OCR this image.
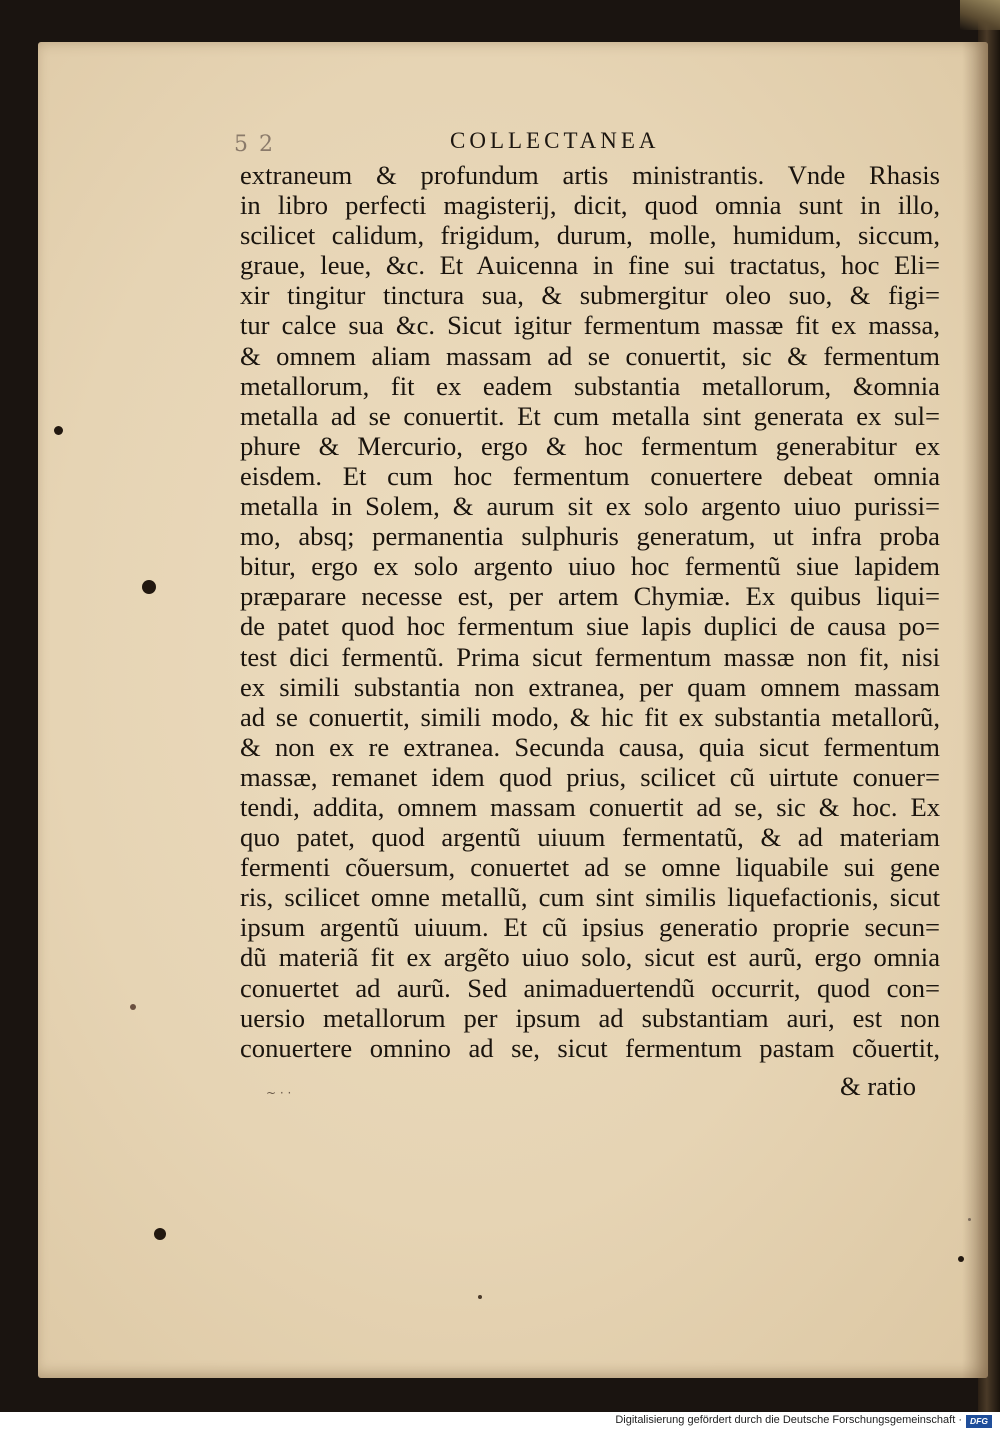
5 2	COLLECTANEA
extraneum & profundum artis ministrantis. Vnde Rhasis
in libro perfecti magisterij, dicit, quod omnia sunt in illo,
scilicet calidum, frigidum, durum, molle, humidum, siccum,
graue, leue, &c. Et Auicenna in fine sui tractatus, hoc Eli=
xir tingitur tinctura sua, & submergitur oleo suo, & figi=
tur calce sua &c. Sicut igitur fermentum massæ fit ex massa,
& omnem aliam massam ad se conuertit, sic & fermentum
metallorum, fit ex eadem substantia metallorum, &omnia
metalla ad se conuertit. Et cum metalla sint generata ex sul=
phure & Mercurio, ergo & hoc fermentum generabitur ex
eisdem. Et cum hoc fermentum conuertere debeat omnia
metalla in Solem, & aurum sit ex solo argento uiuo purissi=
mo, absq; permanentia sulphuris generatum, ut infra proba
bitur, ergo ex solo argento uiuo hoc fermentũ siue lapidem
præparare necesse est, per artem Chymiæ. Ex quibus liqui=
de patet quod hoc fermentum siue lapis duplici de causa po=
test dici fermentũ. Prima sicut fermentum massæ non fit, nisi
ex simili substantia non extranea, per quam omnem massam
ad se conuertit, simili modo, & hic fit ex substantia metallorũ,
& non ex re extranea. Secunda causa, quia sicut fermentum
massæ, remanet idem quod prius, scilicet cũ uirtute conuer=
tendi, addita, omnem massam conuertit ad se, sic & hoc. Ex
quo patet, quod argentũ uiuum fermentatũ, & ad materiam
fermenti cõuersum, conuertet ad se omne liquabile sui gene
ris, scilicet omne metallũ, cum sint similis liquefactionis, sicut
ipsum argentũ uiuum. Et cũ ipsius generatio proprie secun=
dũ materiã fit ex argẽto uiuo solo, sicut est aurũ, ergo omnia
conuertet ad aurũ. Sed animaduertendũ occurrit, quod con=
uersio metallorum per ipsum ad substantiam auri, est non
conuertere omnino ad se, sicut fermentum pastam cõuertit,
& ratio
~ · ·
Digitalisierung gefördert durch die Deutsche Forschungsgemeinschaft · DFG
